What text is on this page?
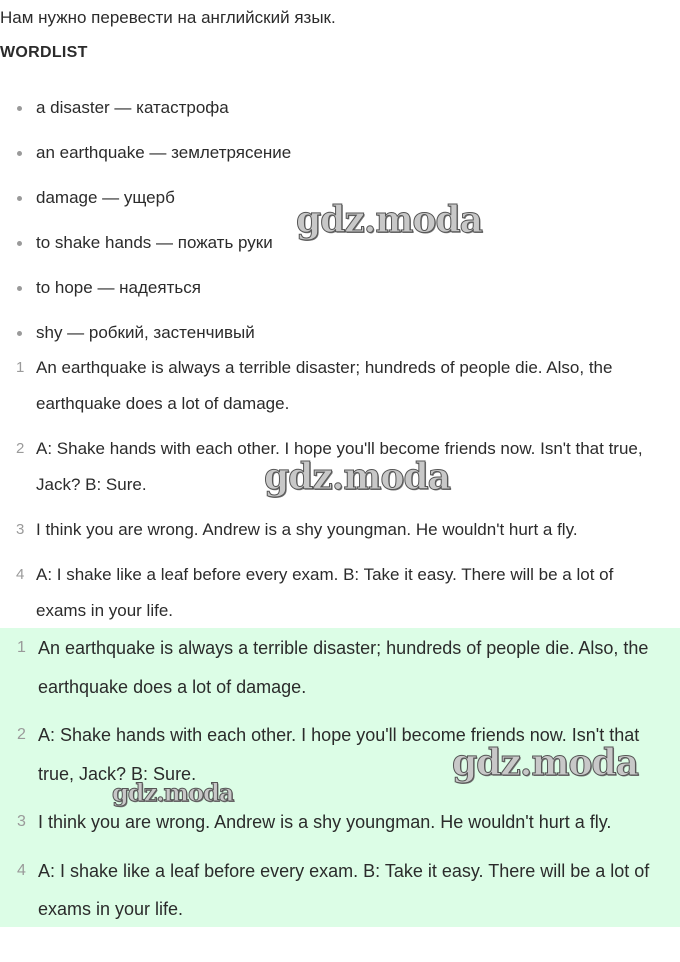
Нам нужно перевести на английский язык.
WORDLIST
a disaster — катастрофа
an earthquake — землетрясение
damage — ущерб
to shake hands — пожать руки
to hope — надеяться
shy — робкий, застенчивый
1 An earthquake is always a terrible disaster; hundreds of people die. Also, the earthquake does a lot of damage.
2 A: Shake hands with each other. I hope you'll become friends now. Isn't that true, Jack? B: Sure.
3 I think you are wrong. Andrew is a shy youngman. He wouldn't hurt a fly.
4 A: I shake like a leaf before every exam. B: Take it easy. There will be a lot of exams in your life.
1 An earthquake is always a terrible disaster; hundreds of people die. Also, the earthquake does a lot of damage.
2 A: Shake hands with each other. I hope you'll become friends now. Isn't that true, Jack? B: Sure.
3 I think you are wrong. Andrew is a shy youngman. He wouldn't hurt a fly.
4 A: I shake like a leaf before every exam. B: Take it easy. There will be a lot of exams in your life.
gdz.moda
gdz.moda
gdz.moda
gdz.moda
